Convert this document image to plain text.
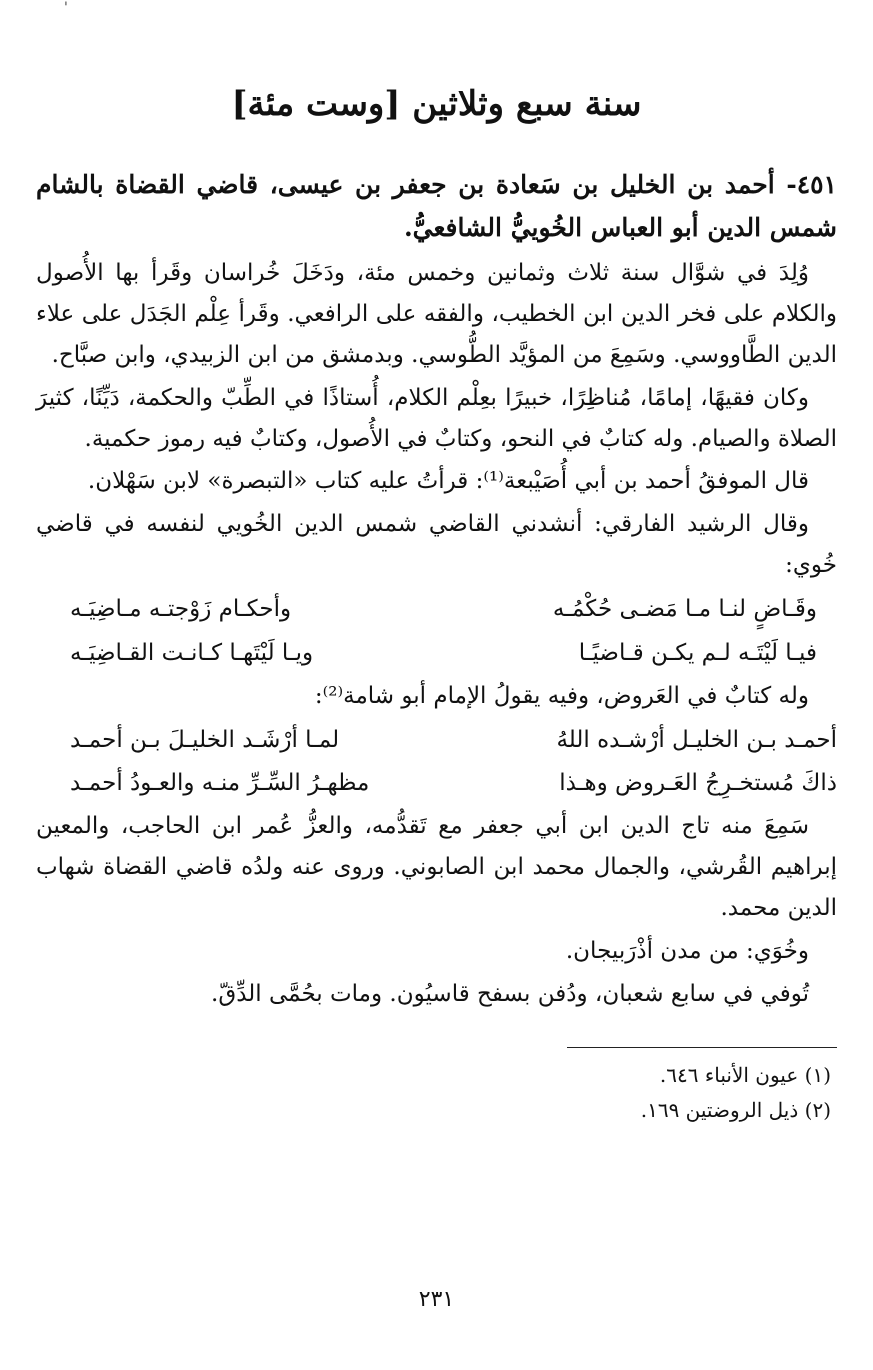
'
سنة سبع وثلاثين [وست مئة]

٤٥١- أحمد بن الخليل بن سَعادة بن جعفر بن عيسى، قاضي القضاة بالشام شمس الدين أبو العباس الخُوييُّ الشافعيُّ.

وُلِدَ في شوَّال سنة ثلاث وثمانين وخمس مئة، ودَخَلَ خُراسان وقَرأ بها الأُصول والكلام على فخر الدين ابن الخطيب، والفقه على الرافعي. وقَرأ عِلْم الجَدَل على علاء الدين الطَّاووسي. وسَمِعَ من المؤيَّد الطُّوسي. وبدمشق من ابن الزبيدي، وابن صبَّاح.

وكان فقيهًا، إمامًا، مُناظِرًا، خبيرًا بعِلْم الكلام، أُستاذًا في الطِّبّ والحكمة، دَيِّنًا، كثيرَ الصلاة والصيام. وله كتابٌ في النحو، وكتابٌ في الأُصول، وكتابٌ فيه رموز حكمية.

قال الموفقُ أحمد بن أبي أُصَيْبعة⁽¹⁾: قرأتُ عليه كتاب «التبصرة» لابن سَهْلان.

وقال الرشيد الفارقي: أنشدني القاضي شمس الدين الخُويي لنفسه في قاضي خُوي:

وقَـاضٍ لنـا مـا مَضـى حُكْمُـه
وأحكـام زَوْجتـه مـاضِيَـه
فيـا لَيْتَـه لـم يكـن قـاضيًـا
ويـا لَيْتَهـا كـانـت القـاضِيَـه

وله كتابٌ في العَروض، وفيه يقولُ الإمام أبو شامة⁽²⁾:

أحمـد بـن الخليـل أرْشـده اللهُ
لمـا أرْشَـد الخليـلَ بـن أحمـد
ذاكَ مُستخـرِجُ العَـروض وهـذا
مظهـرُ السِّـرِّ منـه والعـودُ أحمـد

سَمِعَ منه تاج الدين ابن أبي جعفر مع تَقدُّمه، والعزُّ عُمر ابن الحاجب، والمعين إبراهيم القُرشي، والجمال محمد ابن الصابوني. وروى عنه ولدُه قاضي القضاة شهاب الدين محمد.

وخُوَي: من مدن أذْرَبيجان.

تُوفي في سابع شعبان، ودُفن بسفح قاسيُون. ومات بحُمَّى الدِّقّ.

(١) عيون الأنباء ٦٤٦.
(٢) ذيل الروضتين ١٦٩.
٢٣١
